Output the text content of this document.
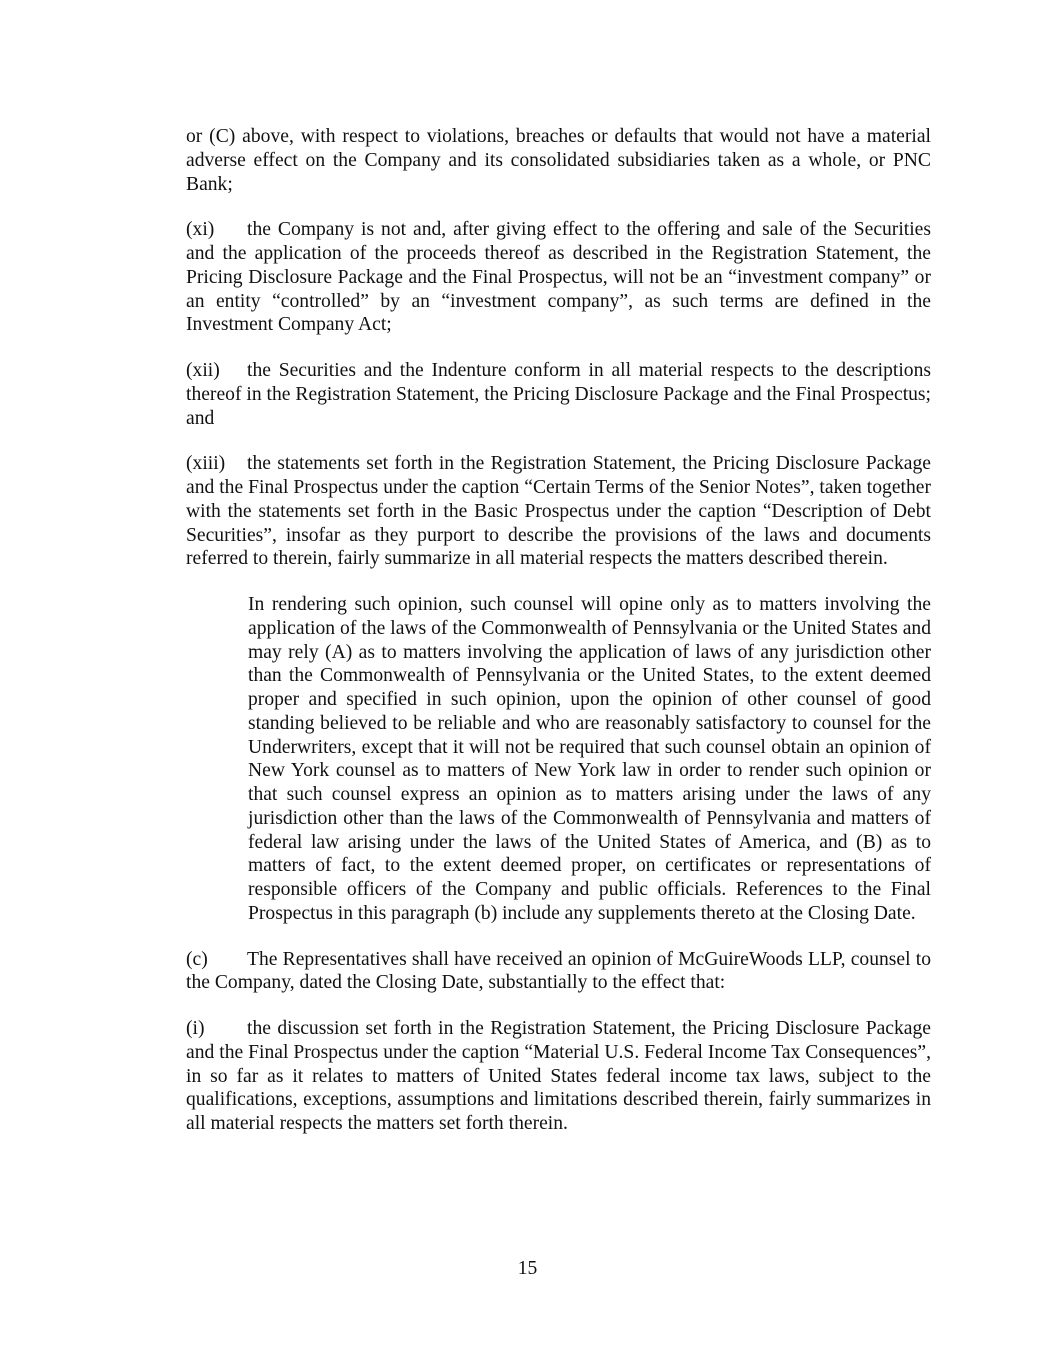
or (C) above, with respect to violations, breaches or defaults that would not have a material adverse effect on the Company and its consolidated subsidiaries taken as a whole, or PNC Bank;

(xi) the Company is not and, after giving effect to the offering and sale of the Securities and the application of the proceeds thereof as described in the Registration Statement, the Pricing Disclosure Package and the Final Prospectus, will not be an “investment company” or an entity “controlled” by an “investment company”, as such terms are defined in the Investment Company Act;

(xii) the Securities and the Indenture conform in all material respects to the descriptions thereof in the Registration Statement, the Pricing Disclosure Package and the Final Prospectus; and

(xiii) the statements set forth in the Registration Statement, the Pricing Disclosure Package and the Final Prospectus under the caption “Certain Terms of the Senior Notes”, taken together with the statements set forth in the Basic Prospectus under the caption “Description of Debt Securities”, insofar as they purport to describe the provisions of the laws and documents referred to therein, fairly summarize in all material respects the matters described therein.

In rendering such opinion, such counsel will opine only as to matters involving the application of the laws of the Commonwealth of Pennsylvania or the United States and may rely (A) as to matters involving the application of laws of any jurisdiction other than the Commonwealth of Pennsylvania or the United States, to the extent deemed proper and specified in such opinion, upon the opinion of other counsel of good standing believed to be reliable and who are reasonably satisfactory to counsel for the Underwriters, except that it will not be required that such counsel obtain an opinion of New York counsel as to matters of New York law in order to render such opinion or that such counsel express an opinion as to matters arising under the laws of any jurisdiction other than the laws of the Commonwealth of Pennsylvania and matters of federal law arising under the laws of the United States of America, and (B) as to matters of fact, to the extent deemed proper, on certificates or representations of responsible officers of the Company and public officials. References to the Final Prospectus in this paragraph (b) include any supplements thereto at the Closing Date.

(c) The Representatives shall have received an opinion of McGuireWoods LLP, counsel to the Company, dated the Closing Date, substantially to the effect that:

(i) the discussion set forth in the Registration Statement, the Pricing Disclosure Package and the Final Prospectus under the caption “Material U.S. Federal Income Tax Consequences”, in so far as it relates to matters of United States federal income tax laws, subject to the qualifications, exceptions, assumptions and limitations described therein, fairly summarizes in all material respects the matters set forth therein.

15
